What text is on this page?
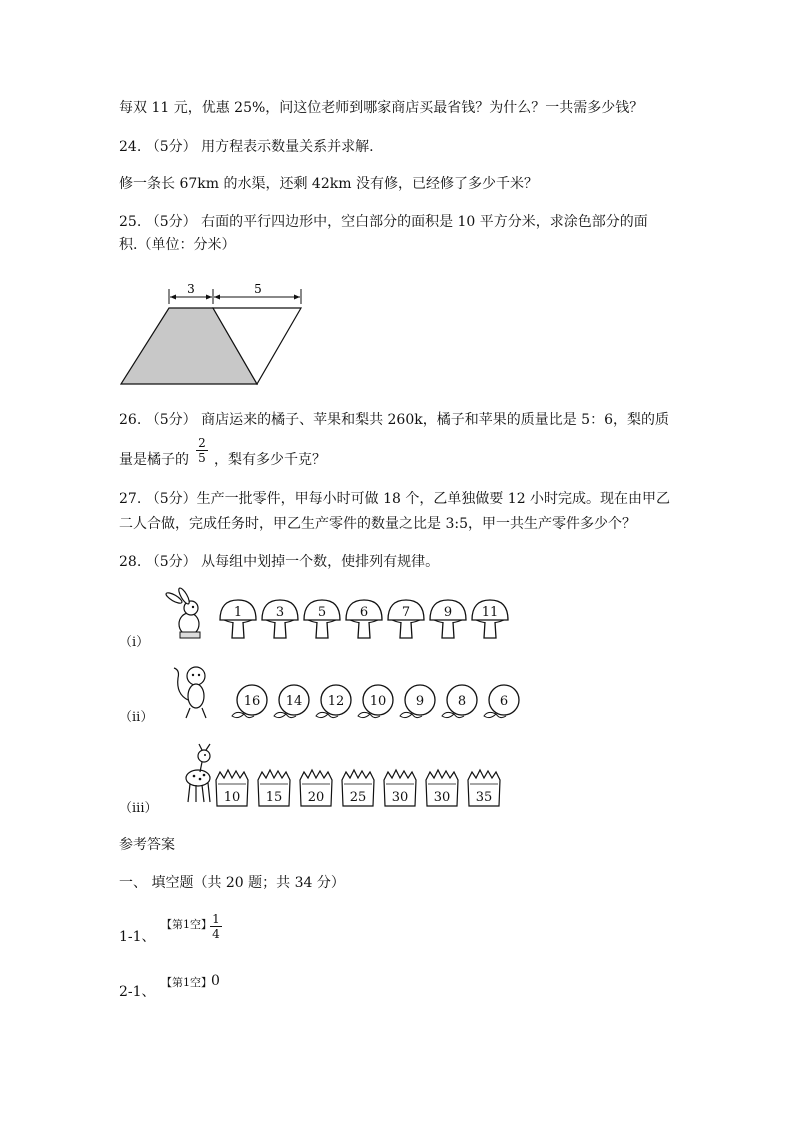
每双 11 元，优惠 25%，问这位老师到哪家商店买最省钱？为什么？一共需多少钱？
24. （5分） 用方程表示数量关系并求解.
修一条长 67km 的水渠，还剩 42km 没有修，已经修了多少千米？
25. （5分） 右面的平行四边形中，空白部分的面积是 10 平方分米，求涂色部分的面
积.（单位：分米）
3	5
26. （5分） 商店运来的橘子、苹果和梨共 260k，橘子和苹果的质量比是 5：6，梨的质
量是橘子的
2
5 ，梨有多少千克？
27. （5分）生产一批零件，甲每小时可做 18 个，乙单独做要 12 小时完成。现在由甲乙
二人合做，完成任务时，甲乙生产零件的数量之比是 3:5，甲一共生产零件多少个？
28. （5分） 从每组中划掉一个数，使排列有规律。
（i）
（ii）
（iii）
参考答案
一、 填空题（共 20 题；共 34 分）
1-1、
【第1空】 1
4
2-1、
【第1空】 0
1	3	5	6	7	9 11
16 14 12 10 9	8	6
10 15 20 25 30 30 35
